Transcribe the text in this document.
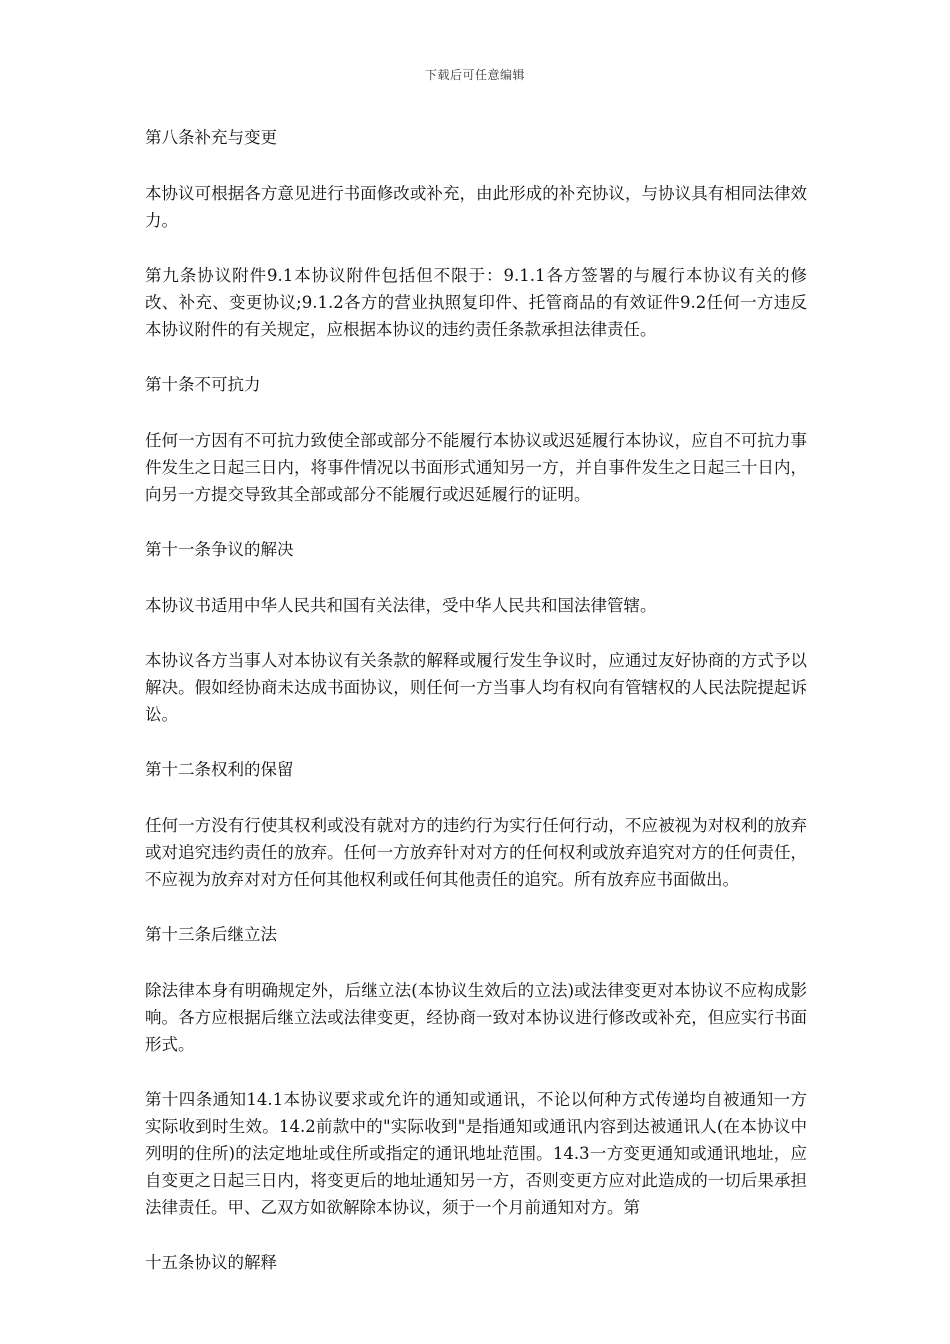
下载后可任意编辑

第八条补充与变更

本协议可根据各方意见进行书面修改或补充，由此形成的补充协议，与协议具有相同法律效力。

第九条协议附件9.1本协议附件包括但不限于：9.1.1各方签署的与履行本协议有关的修改、补充、变更协议;9.1.2各方的营业执照复印件、托管商品的有效证件9.2任何一方违反本协议附件的有关规定，应根据本协议的违约责任条款承担法律责任。

第十条不可抗力

任何一方因有不可抗力致使全部或部分不能履行本协议或迟延履行本协议，应自不可抗力事件发生之日起三日内，将事件情况以书面形式通知另一方，并自事件发生之日起三十日内，向另一方提交导致其全部或部分不能履行或迟延履行的证明。

第十一条争议的解决

本协议书适用中华人民共和国有关法律，受中华人民共和国法律管辖。

本协议各方当事人对本协议有关条款的解释或履行发生争议时，应通过友好协商的方式予以解决。假如经协商未达成书面协议，则任何一方当事人均有权向有管辖权的人民法院提起诉讼。

第十二条权利的保留

任何一方没有行使其权利或没有就对方的违约行为实行任何行动，不应被视为对权利的放弃或对追究违约责任的放弃。任何一方放弃针对对方的任何权利或放弃追究对方的任何责任，不应视为放弃对对方任何其他权利或任何其他责任的追究。所有放弃应书面做出。

第十三条后继立法

除法律本身有明确规定外，后继立法(本协议生效后的立法)或法律变更对本协议不应构成影响。各方应根据后继立法或法律变更，经协商一致对本协议进行修改或补充，但应实行书面形式。

第十四条通知14.1本协议要求或允许的通知或通讯，不论以何种方式传递均自被通知一方实际收到时生效。14.2前款中的"实际收到"是指通知或通讯内容到达被通讯人(在本协议中列明的住所)的法定地址或住所或指定的通讯地址范围。14.3一方变更通知或通讯地址，应自变更之日起三日内，将变更后的地址通知另一方，否则变更方应对此造成的一切后果承担法律责任。甲、乙双方如欲解除本协议，须于一个月前通知对方。第

十五条协议的解释
